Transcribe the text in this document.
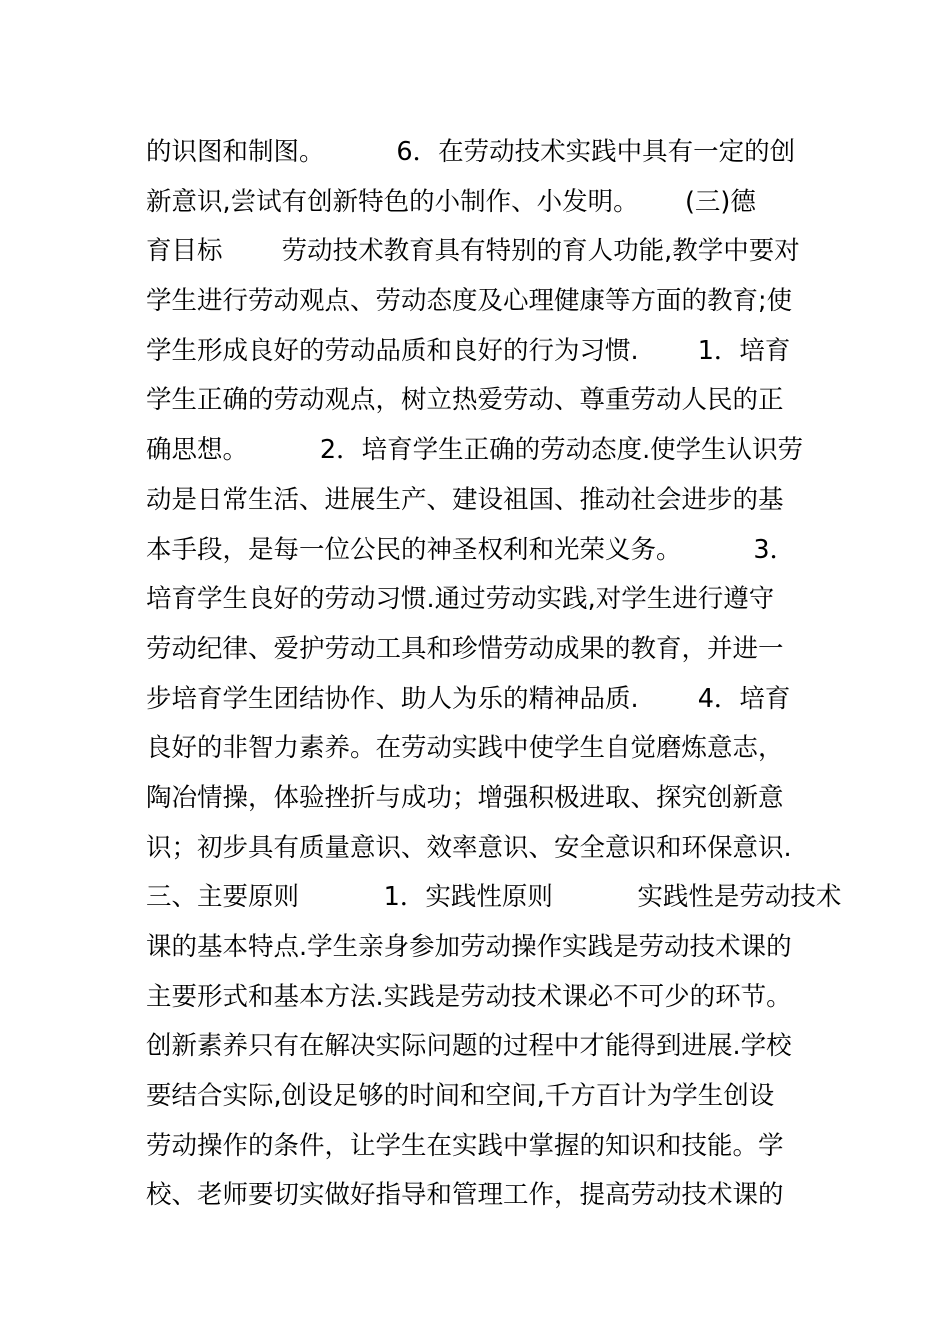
的识图和制图。　　　 6．在劳动技术实践中具有一定的创
新意识,尝试有创新特色的小制作、小发明。　　 (三)德
育目标　　 劳动技术教育具有特别的育人功能,教学中要对
学生进行劳动观点、劳动态度及心理健康等方面的教育;使
学生形成良好的劳动品质和良好的行为习惯.　　 1．培育
学生正确的劳动观点，树立热爱劳动、尊重劳动人民的正
确思想。　　　 2．培育学生正确的劳动态度.使学生认识劳
动是日常生活、进展生产、建设祖国、推动社会进步的基
本手段，是每一位公民的神圣权利和光荣义务。　　　 3．
培育学生良好的劳动习惯.通过劳动实践,对学生进行遵守
劳动纪律、爱护劳动工具和珍惜劳动成果的教育，并进一
步培育学生团结协作、助人为乐的精神品质.　　 4．培育
良好的非智力素养。在劳动实践中使学生自觉磨炼意志，
陶冶情操，体验挫折与成功；增强积极进取、探究创新意
识；初步具有质量意识、效率意识、安全意识和环保意识.
三、主要原则　　　 1．实践性原则　　　 实践性是劳动技术
课的基本特点.学生亲身参加劳动操作实践是劳动技术课的
主要形式和基本方法.实践是劳动技术课必不可少的环节。
创新素养只有在解决实际问题的过程中才能得到进展.学校
要结合实际,创设足够的时间和空间,千方百计为学生创设
劳动操作的条件，让学生在实践中掌握的知识和技能。学
校、老师要切实做好指导和管理工作，提高劳动技术课的
